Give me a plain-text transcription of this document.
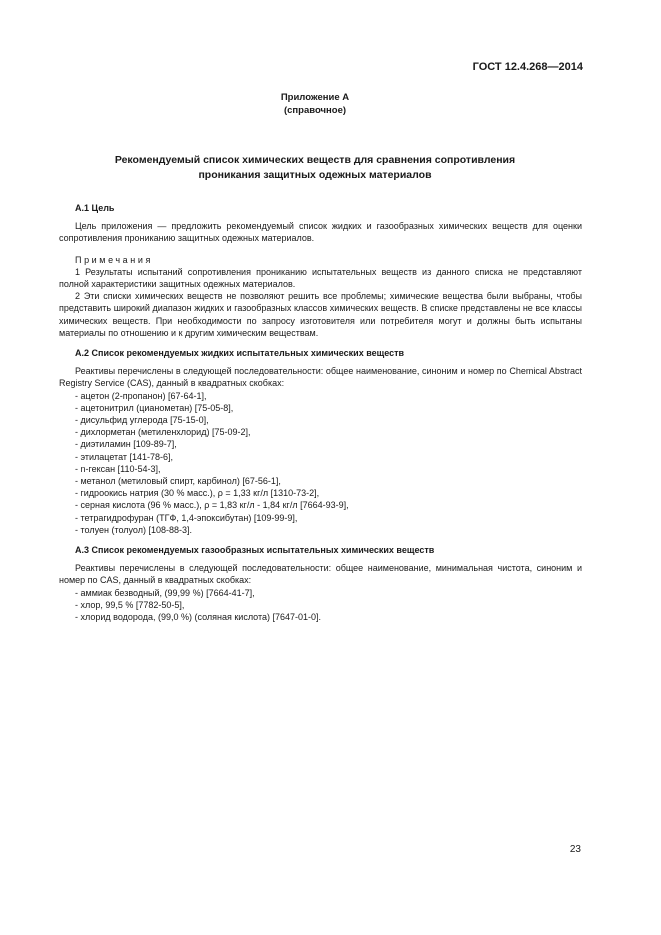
ГОСТ 12.4.268—2014
Приложение А
(справочное)
Рекомендуемый список химических веществ для сравнения сопротивления
проникания защитных одежных материалов
А.1 Цель

Цель приложения — предложить рекомендуемый список жидких и газообразных химических веществ для оценки сопротивления прониканию защитных одежных материалов.

Примечания

1 Результаты испытаний сопротивления прониканию испытательных веществ из данного списка не представляют полной характеристики защитных одежных материалов.

2 Эти списки химических веществ не позволяют решить все проблемы; химические вещества были выбраны, чтобы представить широкий диапазон жидких и газообразных классов химических веществ. В списке представлены не все классы химических веществ. При необходимости по запросу изготовителя или потребителя могут и должны быть испытаны материалы по отношению и к другим химическим веществам.

А.2 Список рекомендуемых жидких испытательных химических веществ

Реактивы перечислены в следующей последовательности: общее наименование, синоним и номер по Chemical Abstract Registry Service (CAS), данный в квадратных скобках:

- ацетон (2-пропанон) [67-64-1],
- ацетонитрил (цианометан) [75-05-8],
- дисульфид углерода [75-15-0],
- дихлорметан (метиленхлорид) [75-09-2],
- диэтиламин [109-89-7],
- этилацетат [141-78-6],
- n-гексан [110-54-3],
- метанол (метиловый спирт, карбинол) [67-56-1],
- гидроокись натрия (30 % масс.), ρ = 1,33 кг/л [1310-73-2],
- серная кислота (96 % масс.), ρ = 1,83 кг/л - 1,84 кг/л [7664-93-9],
- тетрагидрофуран (ТГФ, 1,4-эпоксибутан) [109-99-9],
- толуен (толуол) [108-88-3].
А.3 Список рекомендуемых газообразных испытательных химических веществ

Реактивы перечислены в следующей последовательности: общее наименование, минимальная чистота, синоним и номер по CAS, данный в квадратных скобках:

- аммиак безводный, (99,99 %) [7664-41-7],
- хлор, 99,5 % [7782-50-5],
- хлорид водорода, (99,0 %) (соляная кислота) [7647-01-0].
23
